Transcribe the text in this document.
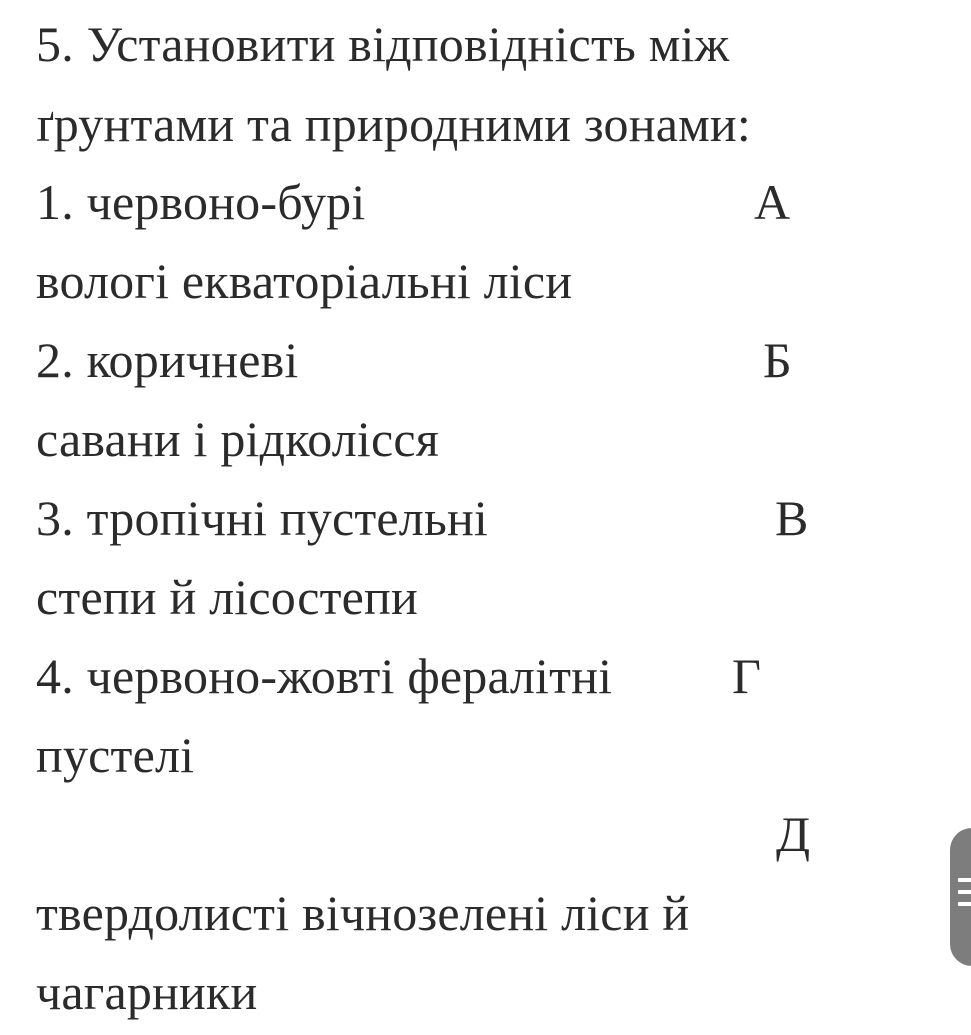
5. Установити відповідність між
ґрунтами та природними зонами:
1. червоно-бурі	А
вологі екваторіальні ліси
2. коричневі	Б
савани і рідколісся
3. тропічні пустельні	В
степи й лісостепи
4. червоно-жовті ферaлітні Г
пустелі
Д
твердолисті вічнозелені ліси й
чагарники
